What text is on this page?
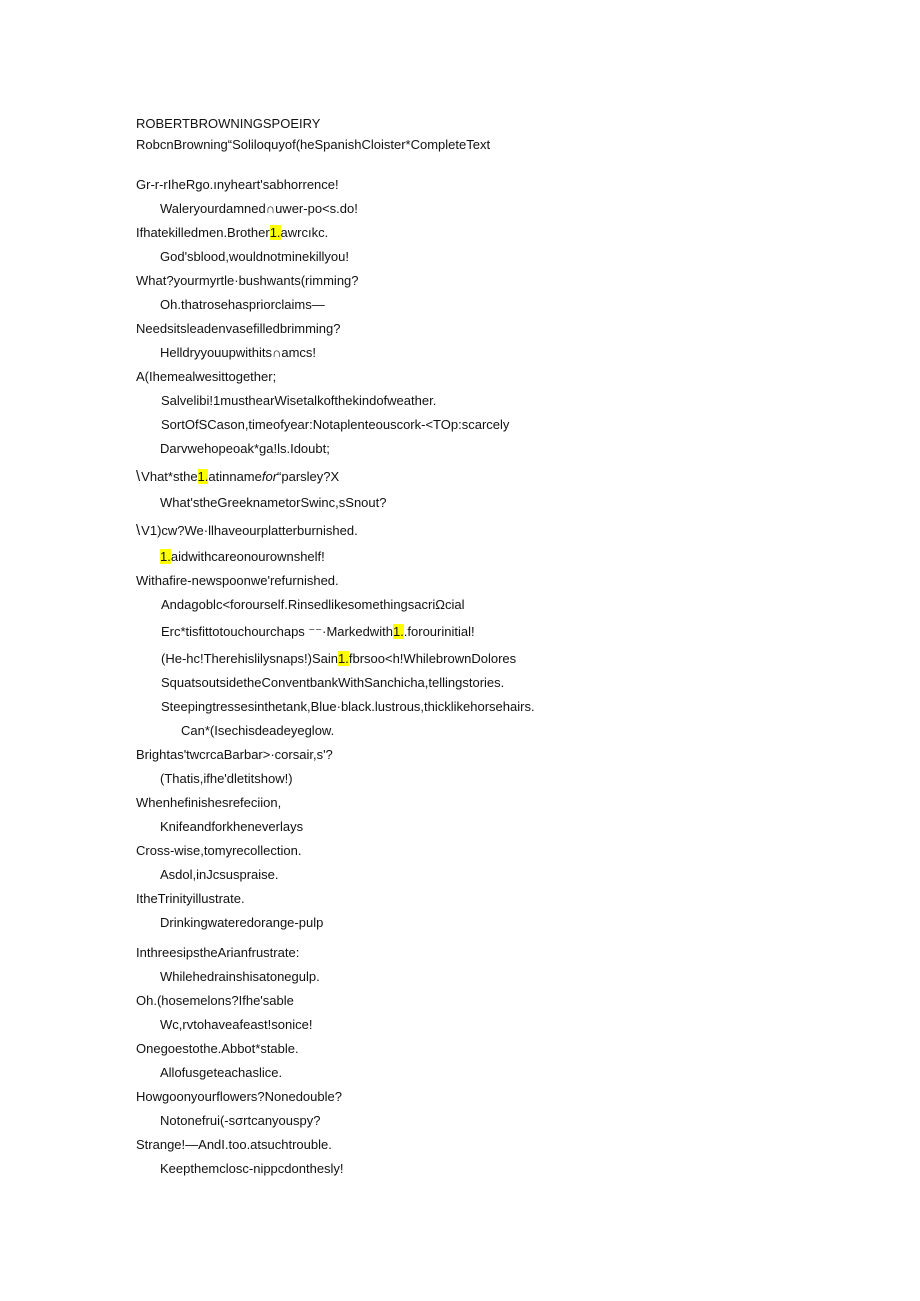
ROBERTBROWNINGSPOEIRY
RobcnBrowning“Soliloquyof(heSpanishCloister*CompleteText
Gr-r-rIheRgo.ınyheart'sabhorrence!
Waleryourdamned∩uwer-po<s.do!
Ifhatekilledmen.Brother1.awrcıkc.
God'sblood,wouldnotminekillyou!
What?yourmyrtle·bushwants(rimming?
Oh.thatrosehaspriorclaims—
Needsitsleadenvasefilledbrimming?
Helldryyouupwithits∩amcs!
A(Ihemealwesittogether;
Salvelibi!1musthearWisetalkofthekindofweather.
SortOfSCason,timeofyear:Notaplenteouscork-<ΤΟp:scarcely
Darvwehopeoak*ga!ls.Idoubt;
\Vhat*sthe1.atinnamefor“parsley?X
What'stheGreeknametorSwinc,sSnout?
\V1)cw?We·llhaveourplatterburnished.
1.aidwithcareonourownshelf!
Withafire-newspoonwe'refurnished.
Andagoblc<forourself.RinsedlikesomethingsacriΩcial
Erc*tisfittotouchourchaps ⁻⁻·Markedwith1..forourinitial!
(He-hc!Therehislilysnaps!)Sain1.fbrsoo<h!WhilebrownDolores
SquatsoutsidetheConventbankWithSanchicha,tellingstories.
Steepingtressesinthetank,Blue·black.lustrous,thicklikehorsehairs.
Can*(Isechisdeadeyeglow.
Brightas'twcrcaBarbar>·corsair,s'?
(Thatis,ifhe'dletitshow!)
Whenhefinishesrefeciion,
Knifeandforkheneverlays
Cross-wise,tomyrecollection.
Asdol,inJcsuspraise.
ItheTrinityillustrate.
Drinkingwateredorange-pulp
InthreesipstheArianfrustrate:
Whilehedrainshisatonegulp.
Oh.(hosemelons?Ifhe'sable
Wc,rvtohaveafeast!sonice!
Onegoestothe.Abbot*stable.
Allofusgeteachaslice.
Howgoonyourflowers?Nonedouble?
Notonefrui(-sσrtcanyouspy?
Strange!—AndI.too.atsuchtrouble.
Keepthemclosc-nippcdonthesly!
